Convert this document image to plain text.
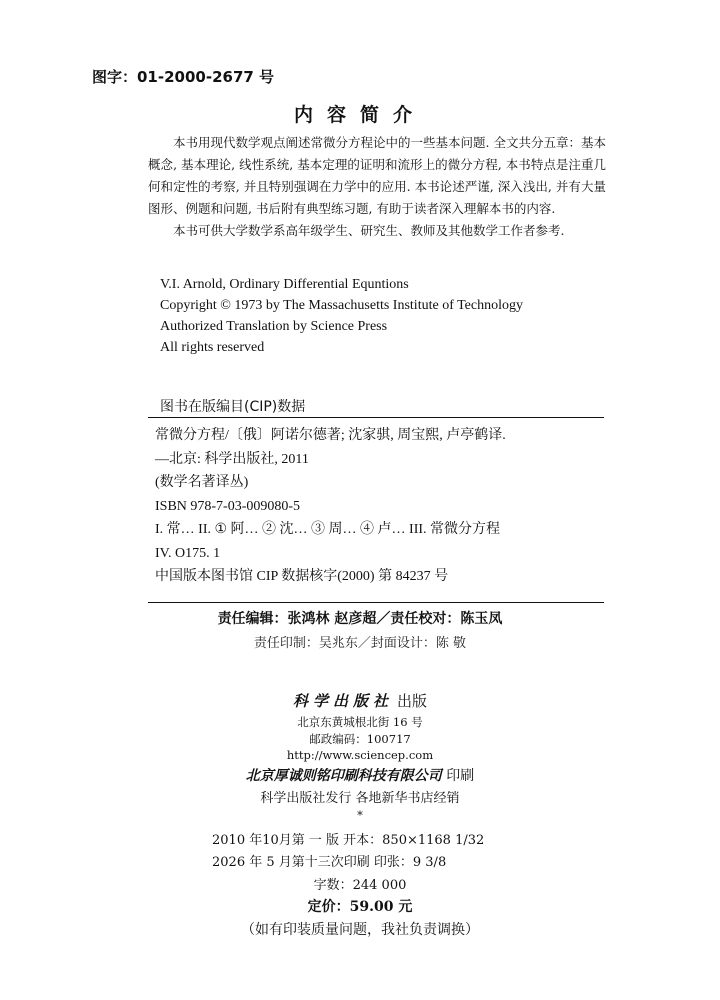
图字：01-2000-2677 号
内容简介

本书用现代数学观点阐述常微分方程论中的一些基本问题. 全文共分五章：基本概念, 基本理论, 线性系统, 基本定理的证明和流形上的微分方程, 本书特点是注重几何和定性的考察, 并且特别强调在力学中的应用. 本书论述严谨, 深入浅出, 并有大量图形、例题和问题, 书后附有典型练习题, 有助于读者深入理解本书的内容.

本书可供大学数学系高年级学生、研究生、教师及其他数学工作者参考.

V.I. Arnold, Ordinary Differential Equntions
Copyright © 1973 by The Massachusetts Institute of Technology
Authorized Translation by Science Press
All rights reserved
图书在版编目(CIP)数据
常微分方程/〔俄〕阿诺尔德著; 沈家骐, 周宝熙, 卢亭鹤译.
—北京: 科学出版社, 2011
(数学名著译丛)
ISBN 978-7-03-009080-5
I. 常… II. ① 阿… ② 沈… ③ 周… ④ 卢… III. 常微分方程
IV. O175. 1
中国版本图书馆 CIP 数据核字(2000) 第 84237 号
责任编辑：张鸿林 赵彦超／责任校对：陈玉凤
责任印制：吴兆东／封面设计：陈 敬
科学出版社 出版
北京东黄城根北街 16 号
邮政编码：100717
http://www.sciencep.com
北京厚诚则铭印刷科技有限公司 印刷
科学出版社发行 各地新华书店经销
*
2010 年10月第 一 版 开本：850×1168 1/32
2026 年 5 月第十三次印刷 印张：9 3/8
字数：244 000
定价：59.00 元
（如有印装质量问题，我社负责调换）
